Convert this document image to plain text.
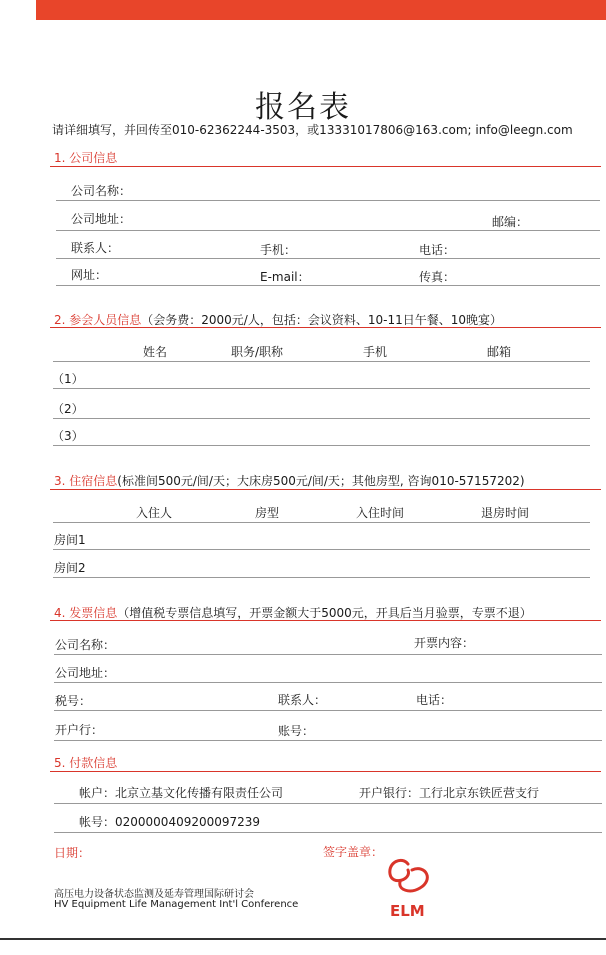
报名表
请详细填写，并回传至010-62362244-3503，或13331017806@163.com; info@leegn.com
1. 公司信息
公司名称：
公司地址：	邮编：
联系人：	手机：	电话：
网址：	E-mail：	传真：
2. 参会人员信息（会务费：2000元/人，包括：会议资料、10-11日午餐、10晚宴）
姓名	职务/职称	手机	邮箱
（1）
（2）
（3）
3. 住宿信息(标准间500元/间/天；大床房500元/间/天；其他房型, 咨询010-57157202)
入住人	房型	入住时间	退房时间
房间1
房间2
4. 发票信息（增值税专票信息填写，开票金额大于5000元，开具后当月验票，专票不退）
公司名称：	开票内容：
公司地址：
税号：	联系人：	电话：
开户行：	账号：
5. 付款信息
帐户：北京立基文化传播有限责任公司	开户银行：工行北京东铁匠营支行
帐号：0200000409200097239
日期：	签字盖章：
ELM
高压电力设备状态监测及延寿管理国际研讨会
HV Equipment Life Management Int'l Conference
